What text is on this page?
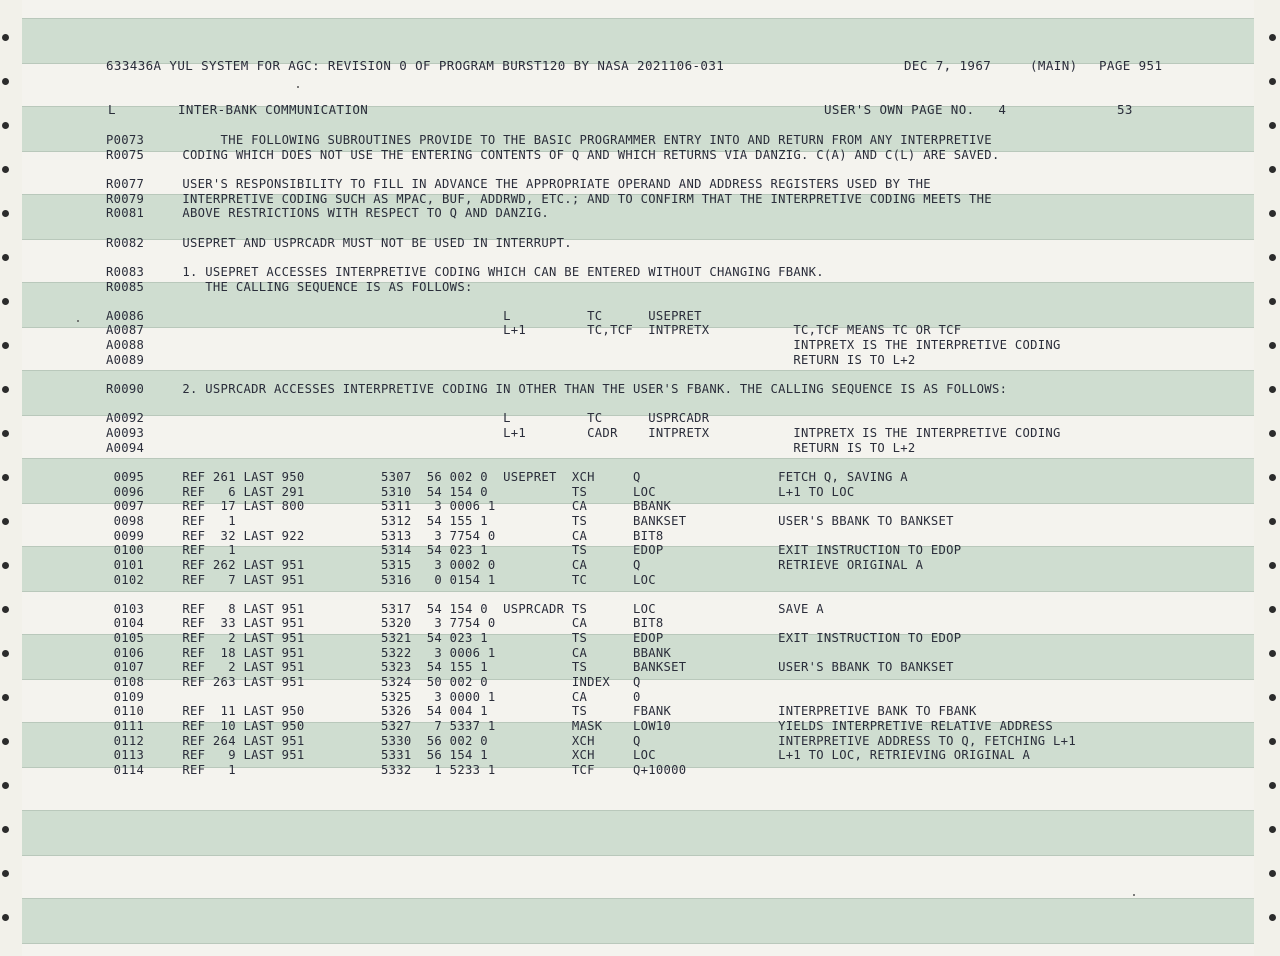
633436A YUL SYSTEM FOR AGC: REVISION 0 OF PROGRAM BURST120 BY NASA 2021106-031	DEC 7, 1967	(MAIN) PAGE 951
L	INTER-BANK COMMUNICATION	USER'S OWN PAGE NO.   4	53
P0073          THE FOLLOWING SUBROUTINES PROVIDE TO THE BASIC PROGRAMMER ENTRY INTO AND RETURN FROM ANY INTERPRETIVE
R0075     CODING WHICH DOES NOT USE THE ENTERING CONTENTS OF Q AND WHICH RETURNS VIA DANZIG. C(A) AND C(L) ARE SAVED.
R0077     USER'S RESPONSIBILITY TO FILL IN ADVANCE THE APPROPRIATE OPERAND AND ADDRESS REGISTERS USED BY THE
R0079     INTERPRETIVE CODING SUCH AS MPAC, BUF, ADDRWD, ETC.; AND TO CONFIRM THAT THE INTERPRETIVE CODING MEETS THE
R0081     ABOVE RESTRICTIONS WITH RESPECT TO Q AND DANZIG.
R0082     USEPRET AND USPRCADR MUST NOT BE USED IN INTERRUPT.
R0083     1. USEPRET ACCESSES INTERPRETIVE CODING WHICH CAN BE ENTERED WITHOUT CHANGING FBANK.
R0085        THE CALLING SEQUENCE IS AS FOLLOWS:
A0086                                               L          TC      USEPRET
A0087                                               L+1        TC,TCF  INTPRETX           TC,TCF MEANS TC OR TCF
A0088                                                                                     INTPRETX IS THE INTERPRETIVE CODING
A0089                                                                                     RETURN IS TO L+2
R0090     2. USPRCADR ACCESSES INTERPRETIVE CODING IN OTHER THAN THE USER'S FBANK. THE CALLING SEQUENCE IS AS FOLLOWS:
A0092                                               L          TC      USPRCADR
A0093                                               L+1        CADR    INTPRETX           INTPRETX IS THE INTERPRETIVE CODING
A0094                                                                                     RETURN IS TO L+2
0095     REF 261 LAST 950          5307  56 002 0  USEPRET  XCH     Q                  FETCH Q, SAVING A
0096     REF   6 LAST 291          5310  54 154 0           TS      LOC                L+1 TO LOC
0097     REF  17 LAST 800          5311   3 0006 1          CA      BBANK
0098     REF   1                   5312  54 155 1           TS      BANKSET            USER'S BBANK TO BANKSET
0099     REF  32 LAST 922          5313   3 7754 0          CA      BIT8
0100     REF   1                   5314  54 023 1           TS      EDOP               EXIT INSTRUCTION TO EDOP
0101     REF 262 LAST 951          5315   3 0002 0          CA      Q                  RETRIEVE ORIGINAL A
0102     REF   7 LAST 951          5316   0 0154 1          TC      LOC
0103     REF   8 LAST 951          5317  54 154 0  USPRCADR TS      LOC                SAVE A
0104     REF  33 LAST 951          5320   3 7754 0          CA      BIT8
0105     REF   2 LAST 951          5321  54 023 1           TS      EDOP               EXIT INSTRUCTION TO EDOP
0106     REF  18 LAST 951          5322   3 0006 1          CA      BBANK
0107     REF   2 LAST 951          5323  54 155 1           TS      BANKSET            USER'S BBANK TO BANKSET
0108     REF 263 LAST 951          5324  50 002 0           INDEX   Q
0109                               5325   3 0000 1          CA      0
0110     REF  11 LAST 950          5326  54 004 1           TS      FBANK              INTERPRETIVE BANK TO FBANK
0111     REF  10 LAST 950          5327   7 5337 1          MASK    LOW10              YIELDS INTERPRETIVE RELATIVE ADDRESS
0112     REF 264 LAST 951          5330  56 002 0           XCH     Q                  INTERPRETIVE ADDRESS TO Q, FETCHING L+1
0113     REF   9 LAST 951          5331  56 154 1           XCH     LOC                L+1 TO LOC, RETRIEVING ORIGINAL A
0114     REF   1                   5332   1 5233 1          TCF     Q+10000
